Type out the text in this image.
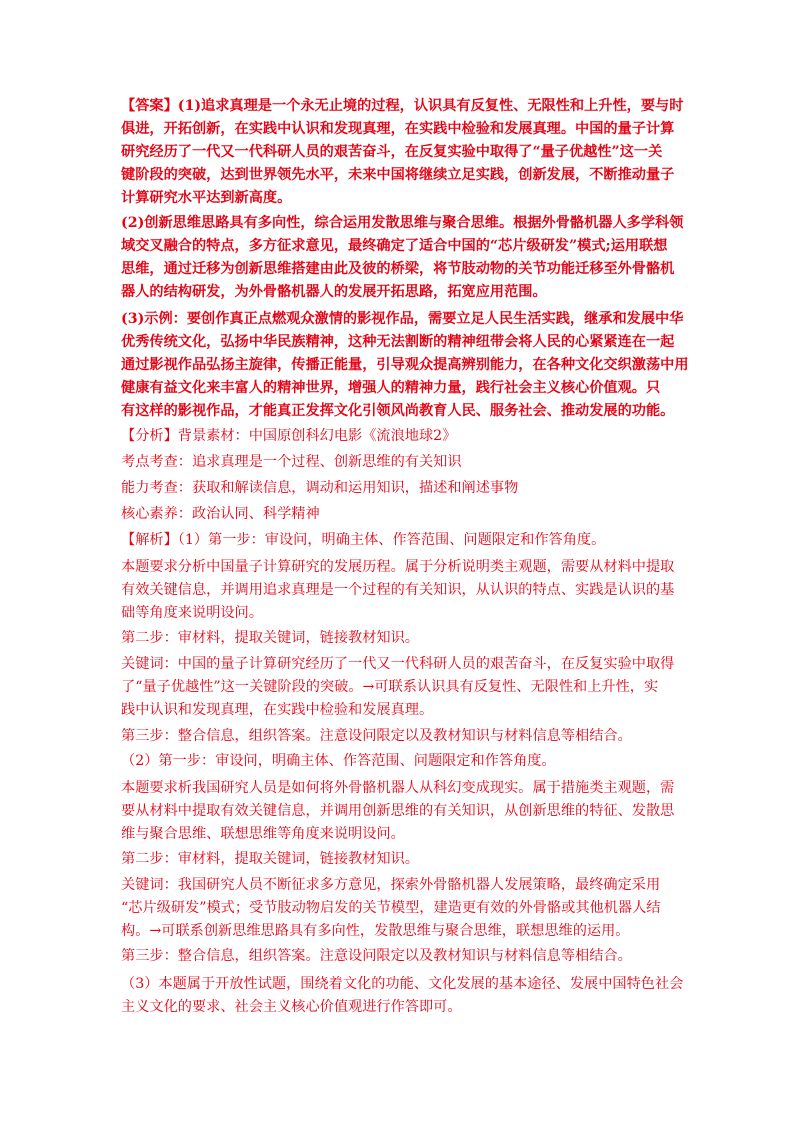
【答案】(1)追求真理是一个永无止境的过程，认识具有反复性、无限性和上升性，要与时
俱进，开拓创新，在实践中认识和发现真理，在实践中检验和发展真理。中国的量子计算
研究经历了一代又一代科研人员的艰苦奋斗，在反复实验中取得了“量子优越性”这一关
键阶段的突破，达到世界领先水平，未来中国将继续立足实践，创新发展，不断推动量子
计算研究水平达到新高度。
(2)创新思维思路具有多向性，综合运用发散思维与聚合思维。根据外骨骼机器人多学科领
域交叉融合的特点，多方征求意见，最终确定了适合中国的“芯片级研发”模式;运用联想
思维，通过迁移为创新思维搭建由此及彼的桥梁，将节肢动物的关节功能迁移至外骨骼机
器人的结构研发，为外骨骼机器人的发展开拓思路，拓宽应用范围。
(3)示例：要创作真正点燃观众激情的影视作品，需要立足人民生活实践，继承和发展中华
优秀传统文化，弘扬中华民族精神，这种无法割断的精神纽带会将人民的心紧紧连在一起
通过影视作品弘扬主旋律，传播正能量，引导观众提高辨别能力，在各种文化交织激荡中用
健康有益文化来丰富人的精神世界，增强人的精神力量，践行社会主义核心价值观。只
有这样的影视作品，才能真正发挥文化引领风尚教育人民、服务社会、推动发展的功能。
【分析】背景素材：中国原创科幻电影《流浪地球2》
考点考查：追求真理是一个过程、创新思维的有关知识
能力考查：获取和解读信息，调动和运用知识，描述和阐述事物
核心素养：政治认同、科学精神
【解析】（1）第一步：审设问，明确主体、作答范围、问题限定和作答角度。
本题要求分析中国量子计算研究的发展历程。属于分析说明类主观题，需要从材料中提取
有效关键信息，并调用追求真理是一个过程的有关知识，从认识的特点、实践是认识的基
础等角度来说明设问。
第二步：审材料，提取关键词，链接教材知识。
关键词：中国的量子计算研究经历了一代又一代科研人员的艰苦奋斗，在反复实验中取得
了“量子优越性”这一关键阶段的突破。→可联系认识具有反复性、无限性和上升性，实
践中认识和发现真理，在实践中检验和发展真理。
第三步：整合信息，组织答案。注意设问限定以及教材知识与材料信息等相结合。
（2）第一步：审设问，明确主体、作答范围、问题限定和作答角度。
本题要求析我国研究人员是如何将外骨骼机器人从科幻变成现实。属于措施类主观题，需
要从材料中提取有效关键信息，并调用创新思维的有关知识，从创新思维的特征、发散思
维与聚合思维、联想思维等角度来说明设问。
第二步：审材料，提取关键词，链接教材知识。
关键词：我国研究人员不断征求多方意见，探索外骨骼机器人发展策略，最终确定采用
“芯片级研发”模式；受节肢动物启发的关节模型，建造更有效的外骨骼或其他机器人结
构。→可联系创新思维思路具有多向性，发散思维与聚合思维，联想思维的运用。
第三步：整合信息，组织答案。注意设问限定以及教材知识与材料信息等相结合。
（3）本题属于开放性试题，围绕着文化的功能、文化发展的基本途径、发展中国特色社会
主义文化的要求、社会主义核心价值观进行作答即可。
